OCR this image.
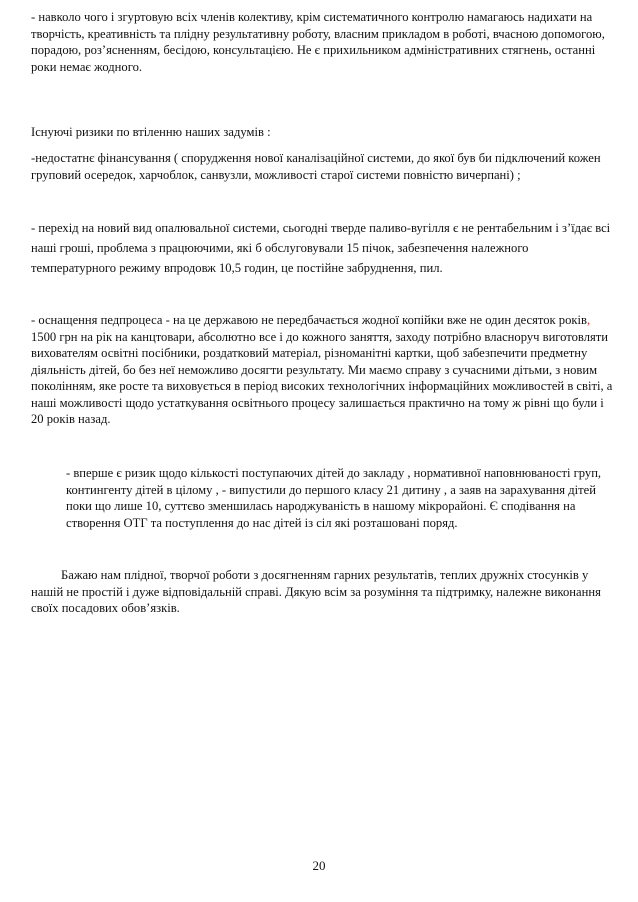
- навколо чого і згуртовую всіх членів колективу, крім систематичного контролю намагаюсь надихати на творчість, креативність та плідну результативну роботу, власним прикладом в роботі, вчасною допомогою, порадою, роз’ясненням, бесідою, консультацією. Не є прихильником адміністративних стягнень, останні роки немає жодного.

Існуючі ризики по втіленню наших задумів :

-недостатнє фінансування ( спорудження нової каналізаційної системи, до якої був би підключений кожен груповий осередок, харчоблок, санвузли, можливості старої системи повністю вичерпані) ;

- перехід на новий вид опалювальної системи, сьогодні тверде паливо-вугілля є не рентабельним і з’їдає всі наші гроші, проблема з працюючими, які б обслуговували 15 пічок, забезпечення належного температурного режиму впродовж 10,5 годин, це постійне забруднення, пил.

- оснащення педпроцеса - на це державою не передбачається жодної копійки вже не один десяток років, 1500 грн на рік на канцтовари, абсолютно все і до кожного заняття, заходу потрібно власноруч виготовляти вихователям освітні посібники, роздатковий матеріал, різноманітні картки, щоб забезпечити предметну діяльність дітей, бо без неї неможливо досягти результату. Ми маємо справу з сучасними дітьми, з новим поколінням, яке росте та виховується в період високих технологічних інформаційних можливостей в світі, а наші можливості щодо устаткування освітнього процесу залишається практично на тому ж рівні що були і 20 років назад.

- вперше є ризик щодо кількості поступаючих дітей до закладу , нормативної наповнюваності груп, контингенту дітей в цілому , - випустили до першого класу 21 дитину , а заяв на зарахування дітей поки що лише 10, суттєво зменшилась народжуваність в нашому мікрорайоні. Є сподівання на створення ОТГ та поступлення до нас дітей із сіл які розташовані поряд.

Бажаю нам плідної, творчої роботи з досягненням гарних результатів, теплих дружніх стосунків у нашій не простій і дуже відповідальній справі. Дякую всім за розуміння та підтримку, належне виконання своїх посадових обов’язків.

20
